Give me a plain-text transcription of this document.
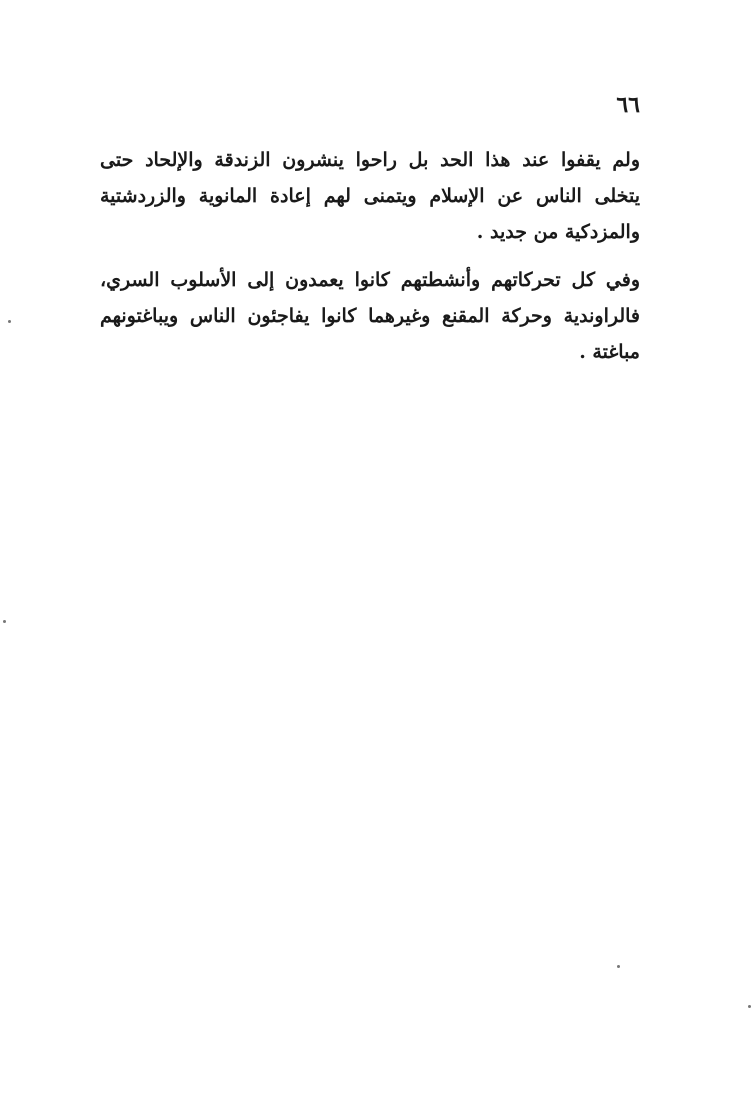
٦٦

ولم يقفوا عند هذا الحد بل راحوا ينشرون الزندقة والإلحاد حتى يتخلى الناس عن الإسلام ويتمنى لهم إعادة المانوية والزردشتية والمزدكية من جديد .

وفي كل تحركاتهم وأنشطتهم كانوا يعمدون إلى الأسلوب السري، فالراوندية وحركة المقنع وغيرهما كانوا يفاجئون الناس ويباغتونهم مباغتة .
